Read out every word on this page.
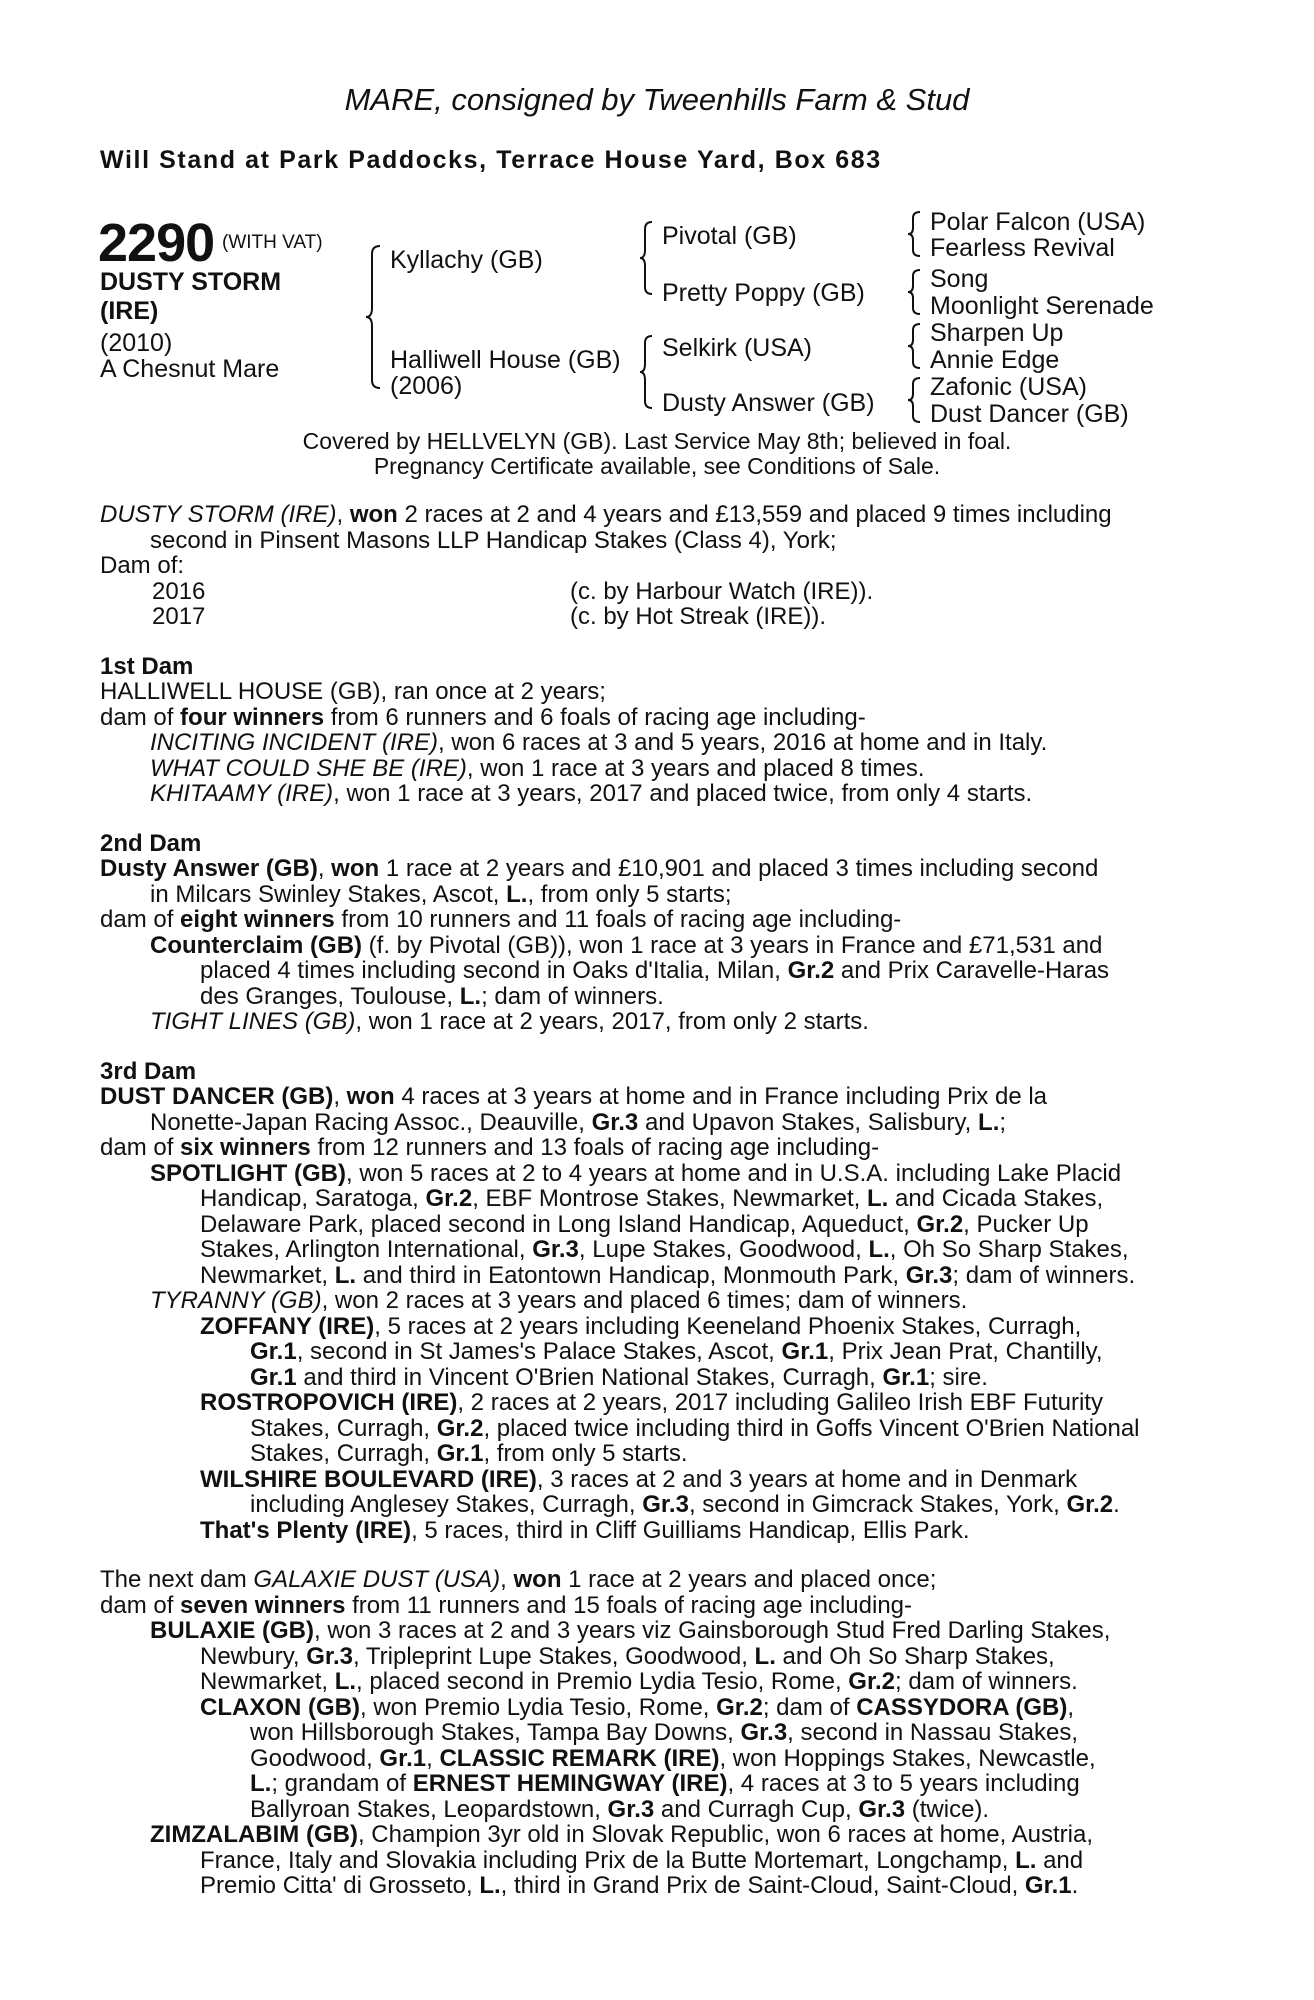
MARE, consigned by Tweenhills Farm & Stud
Will Stand at Park Paddocks, Terrace House Yard, Box 683
2290 (WITH VAT)
DUSTY STORM
(IRE)
(2010)
A Chesnut Mare
Kyllachy (GB)
Halliwell House (GB)
(2006)
Pivotal (GB)
Pretty Poppy (GB)
Selkirk (USA)
Dusty Answer (GB)
Polar Falcon (USA)
Fearless Revival
Song
Moonlight Serenade
Sharpen Up
Annie Edge
Zafonic (USA)
Dust Dancer (GB)
Covered by HELLVELYN (GB). Last Service May 8th; believed in foal.
Pregnancy Certificate available, see Conditions of Sale.

DUSTY STORM (IRE), won 2 races at 2 and 4 years and £13,559 and placed 9 times including

second in Pinsent Masons LLP Handicap Stakes (Class 4), York;

Dam of:

2016	(c. by Harbour Watch (IRE)).
2017	(c. by Hot Streak (IRE)).

1st Dam

HALLIWELL HOUSE (GB), ran once at 2 years;

dam of four winners from 6 runners and 6 foals of racing age including-

INCITING INCIDENT (IRE), won 6 races at 3 and 5 years, 2016 at home and in Italy.

WHAT COULD SHE BE (IRE), won 1 race at 3 years and placed 8 times.

KHITAAMY (IRE), won 1 race at 3 years, 2017 and placed twice, from only 4 starts.

2nd Dam

Dusty Answer (GB), won 1 race at 2 years and £10,901 and placed 3 times including second

in Milcars Swinley Stakes, Ascot, L., from only 5 starts;

dam of eight winners from 10 runners and 11 foals of racing age including-

Counterclaim (GB) (f. by Pivotal (GB)), won 1 race at 3 years in France and £71,531 and

placed 4 times including second in Oaks d'Italia, Milan, Gr.2 and Prix Caravelle-Haras

des Granges, Toulouse, L.; dam of winners.

TIGHT LINES (GB), won 1 race at 2 years, 2017, from only 2 starts.

3rd Dam

DUST DANCER (GB), won 4 races at 3 years at home and in France including Prix de la

Nonette-Japan Racing Assoc., Deauville, Gr.3 and Upavon Stakes, Salisbury, L.;

dam of six winners from 12 runners and 13 foals of racing age including-

SPOTLIGHT (GB), won 5 races at 2 to 4 years at home and in U.S.A. including Lake Placid

Handicap, Saratoga, Gr.2, EBF Montrose Stakes, Newmarket, L. and Cicada Stakes,

Delaware Park, placed second in Long Island Handicap, Aqueduct, Gr.2, Pucker Up

Stakes, Arlington International, Gr.3, Lupe Stakes, Goodwood, L., Oh So Sharp Stakes,

Newmarket, L. and third in Eatontown Handicap, Monmouth Park, Gr.3; dam of winners.

TYRANNY (GB), won 2 races at 3 years and placed 6 times; dam of winners.

ZOFFANY (IRE), 5 races at 2 years including Keeneland Phoenix Stakes, Curragh,

Gr.1, second in St James's Palace Stakes, Ascot, Gr.1, Prix Jean Prat, Chantilly,

Gr.1 and third in Vincent O'Brien National Stakes, Curragh, Gr.1; sire.

ROSTROPOVICH (IRE), 2 races at 2 years, 2017 including Galileo Irish EBF Futurity

Stakes, Curragh, Gr.2, placed twice including third in Goffs Vincent O'Brien National

Stakes, Curragh, Gr.1, from only 5 starts.

WILSHIRE BOULEVARD (IRE), 3 races at 2 and 3 years at home and in Denmark

including Anglesey Stakes, Curragh, Gr.3, second in Gimcrack Stakes, York, Gr.2.

That's Plenty (IRE), 5 races, third in Cliff Guilliams Handicap, Ellis Park.

The next dam GALAXIE DUST (USA), won 1 race at 2 years and placed once;

dam of seven winners from 11 runners and 15 foals of racing age including-

BULAXIE (GB), won 3 races at 2 and 3 years viz Gainsborough Stud Fred Darling Stakes,

Newbury, Gr.3, Tripleprint Lupe Stakes, Goodwood, L. and Oh So Sharp Stakes,

Newmarket, L., placed second in Premio Lydia Tesio, Rome, Gr.2; dam of winners.

CLAXON (GB), won Premio Lydia Tesio, Rome, Gr.2; dam of CASSYDORA (GB),

won Hillsborough Stakes, Tampa Bay Downs, Gr.3, second in Nassau Stakes,

Goodwood, Gr.1, CLASSIC REMARK (IRE), won Hoppings Stakes, Newcastle,

L.; grandam of ERNEST HEMINGWAY (IRE), 4 races at 3 to 5 years including

Ballyroan Stakes, Leopardstown, Gr.3 and Curragh Cup, Gr.3 (twice).

ZIMZALABIM (GB), Champion 3yr old in Slovak Republic, won 6 races at home, Austria,

France, Italy and Slovakia including Prix de la Butte Mortemart, Longchamp, L. and

Premio Citta' di Grosseto, L., third in Grand Prix de Saint-Cloud, Saint-Cloud, Gr.1.
